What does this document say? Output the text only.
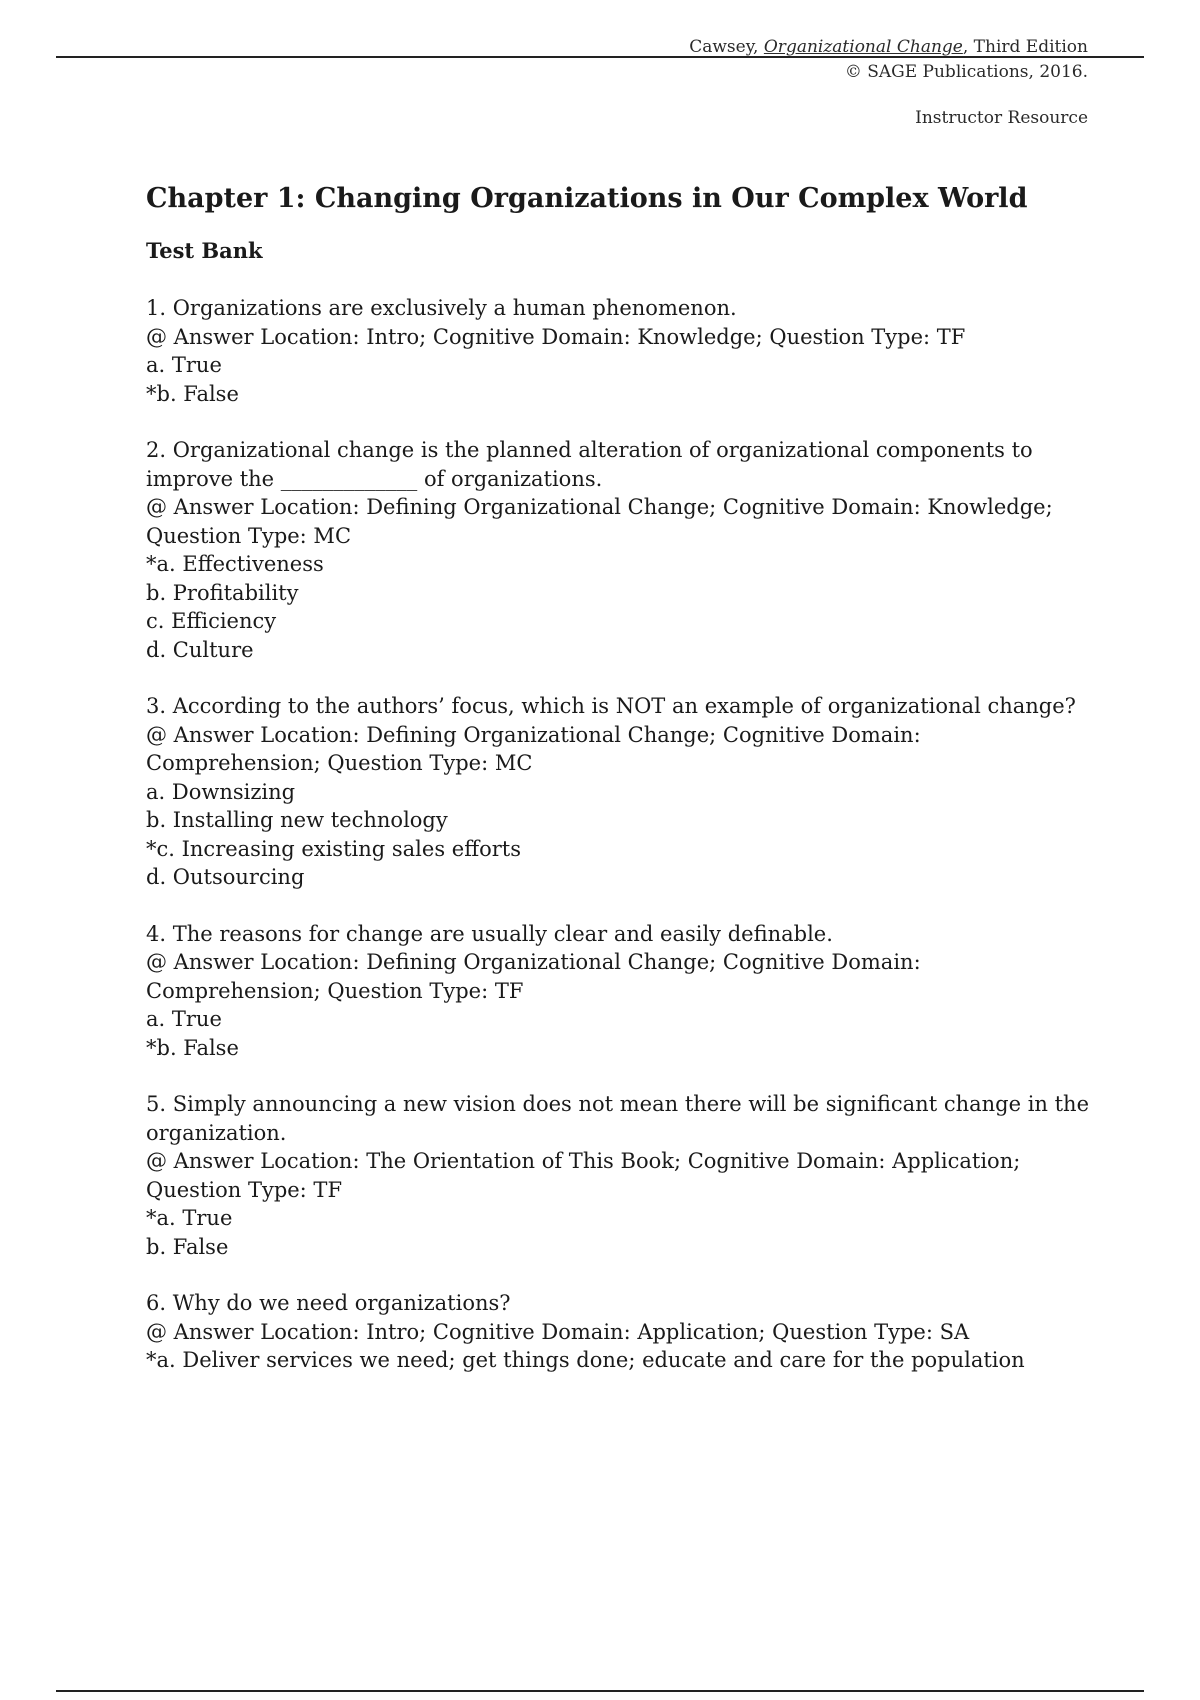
Cawsey, Organizational Change, Third Edition
© SAGE Publications, 2016.
Instructor Resource
Chapter 1: Changing Organizations in Our Complex World
Test Bank

1. Organizations are exclusively a human phenomenon.

@ Answer Location: Intro; Cognitive Domain: Knowledge; Question Type: TF

a. True

*b. False

2. Organizational change is the planned alteration of organizational components to improve the _____________ of organizations.

@ Answer Location: Defining Organizational Change; Cognitive Domain: Knowledge; Question Type: MC

*a. Effectiveness

b. Profitability

c. Efficiency

d. Culture

3. According to the authors’ focus, which is NOT an example of organizational change?

@ Answer Location: Defining Organizational Change; Cognitive Domain: Comprehension; Question Type: MC

a. Downsizing

b. Installing new technology

*c. Increasing existing sales efforts

d. Outsourcing

4. The reasons for change are usually clear and easily definable.

@ Answer Location: Defining Organizational Change; Cognitive Domain: Comprehension; Question Type: TF

a. True

*b. False

5. Simply announcing a new vision does not mean there will be significant change in the organization.

@ Answer Location: The Orientation of This Book; Cognitive Domain: Application; Question Type: TF

*a. True

b. False

6. Why do we need organizations?

@ Answer Location: Intro; Cognitive Domain: Application; Question Type: SA

*a. Deliver services we need; get things done; educate and care for the population
